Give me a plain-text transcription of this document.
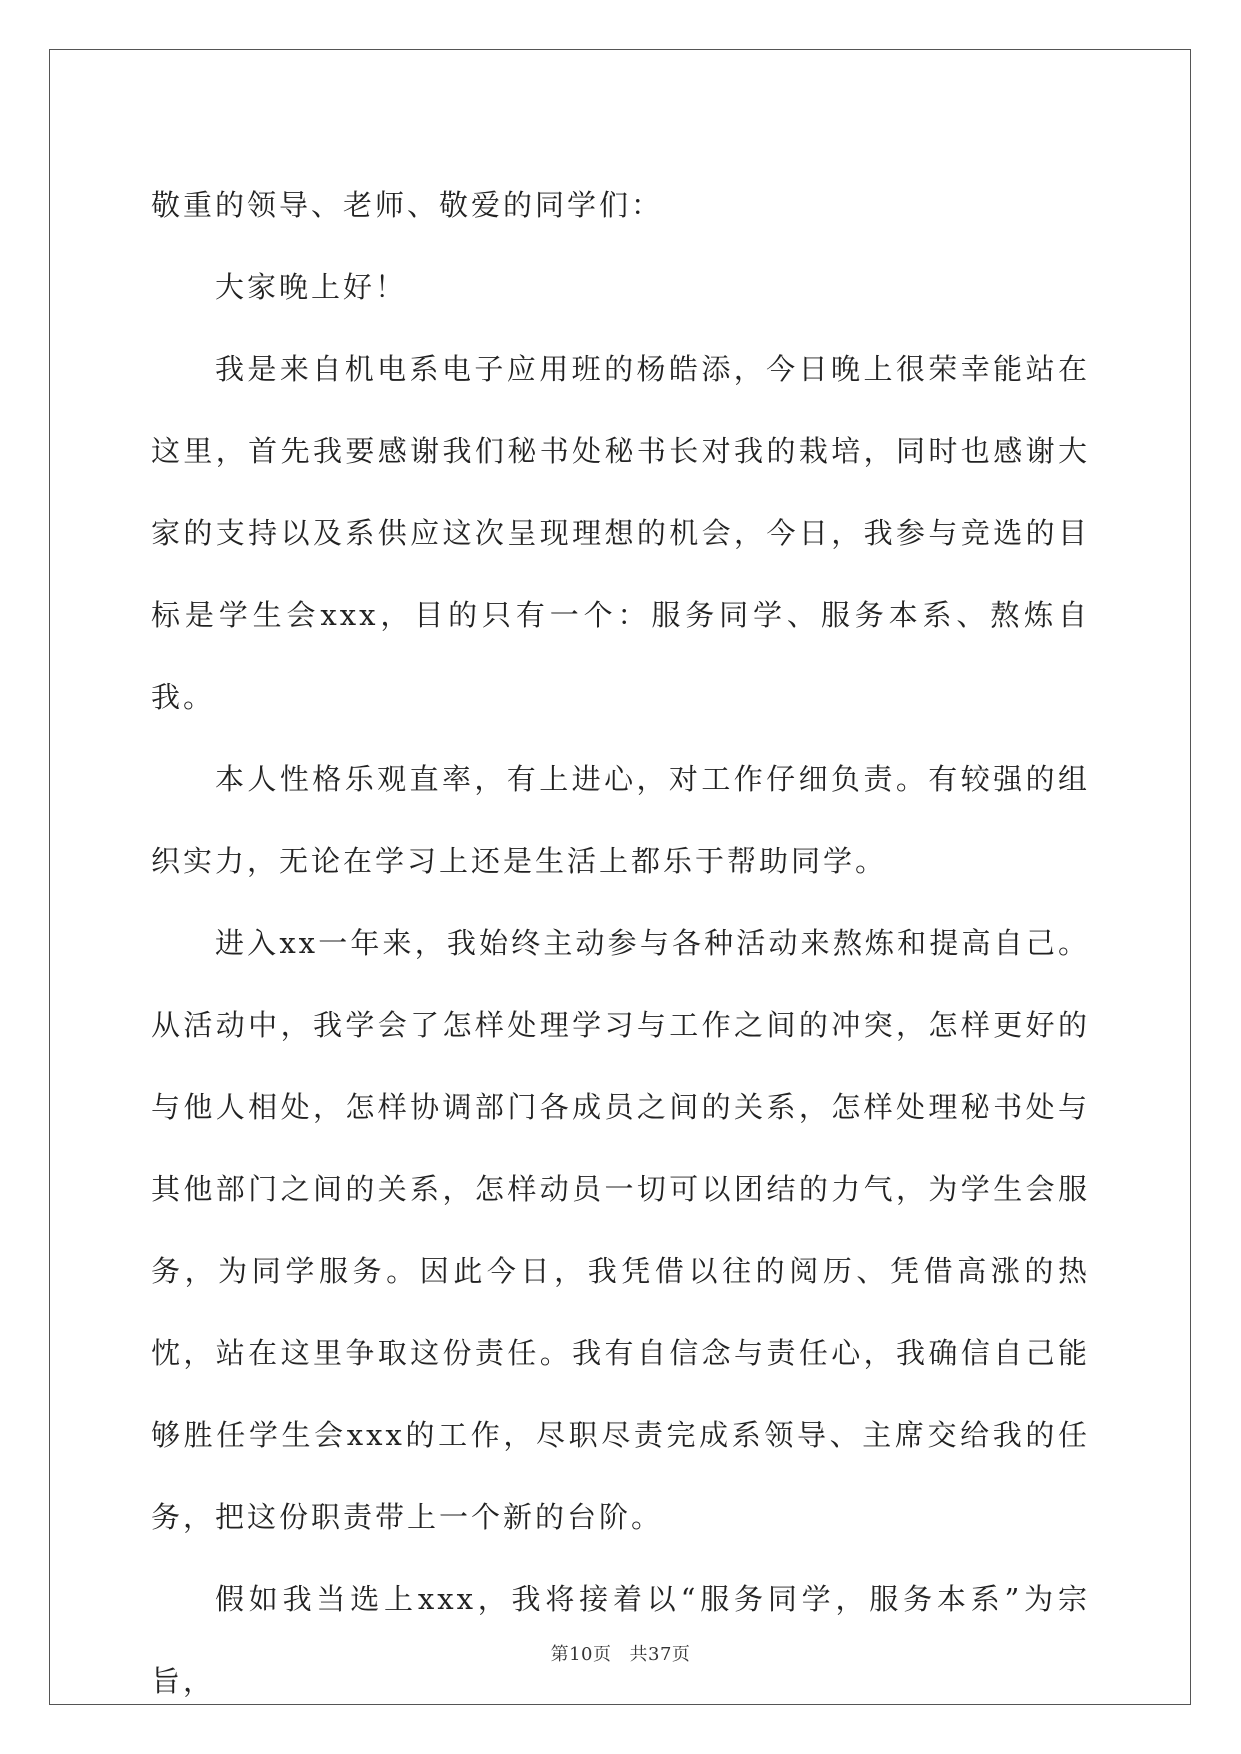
敬重的领导、老师、敬爱的同学们：

大家晚上好！

我是来自机电系电子应用班的杨皓添，今日晚上很荣幸能站在这里，首先我要感谢我们秘书处秘书长对我的栽培，同时也感谢大家的支持以及系供应这次呈现理想的机会，今日，我参与竞选的目标是学生会xxx，目的只有一个：服务同学、服务本系、熬炼自我。

本人性格乐观直率，有上进心，对工作仔细负责。有较强的组织实力，无论在学习上还是生活上都乐于帮助同学。

进入xx一年来，我始终主动参与各种活动来熬炼和提高自己。从活动中，我学会了怎样处理学习与工作之间的冲突，怎样更好的与他人相处，怎样协调部门各成员之间的关系，怎样处理秘书处与其他部门之间的关系，怎样动员一切可以团结的力气，为学生会服务，为同学服务。因此今日，我凭借以往的阅历、凭借高涨的热忱，站在这里争取这份责任。我有自信念与责任心，我确信自己能够胜任学生会xxx的工作，尽职尽责完成系领导、主席交给我的任务，把这份职责带上一个新的台阶。

假如我当选上xxx，我将接着以“服务同学，服务本系”为宗旨，

第10页 共37页
